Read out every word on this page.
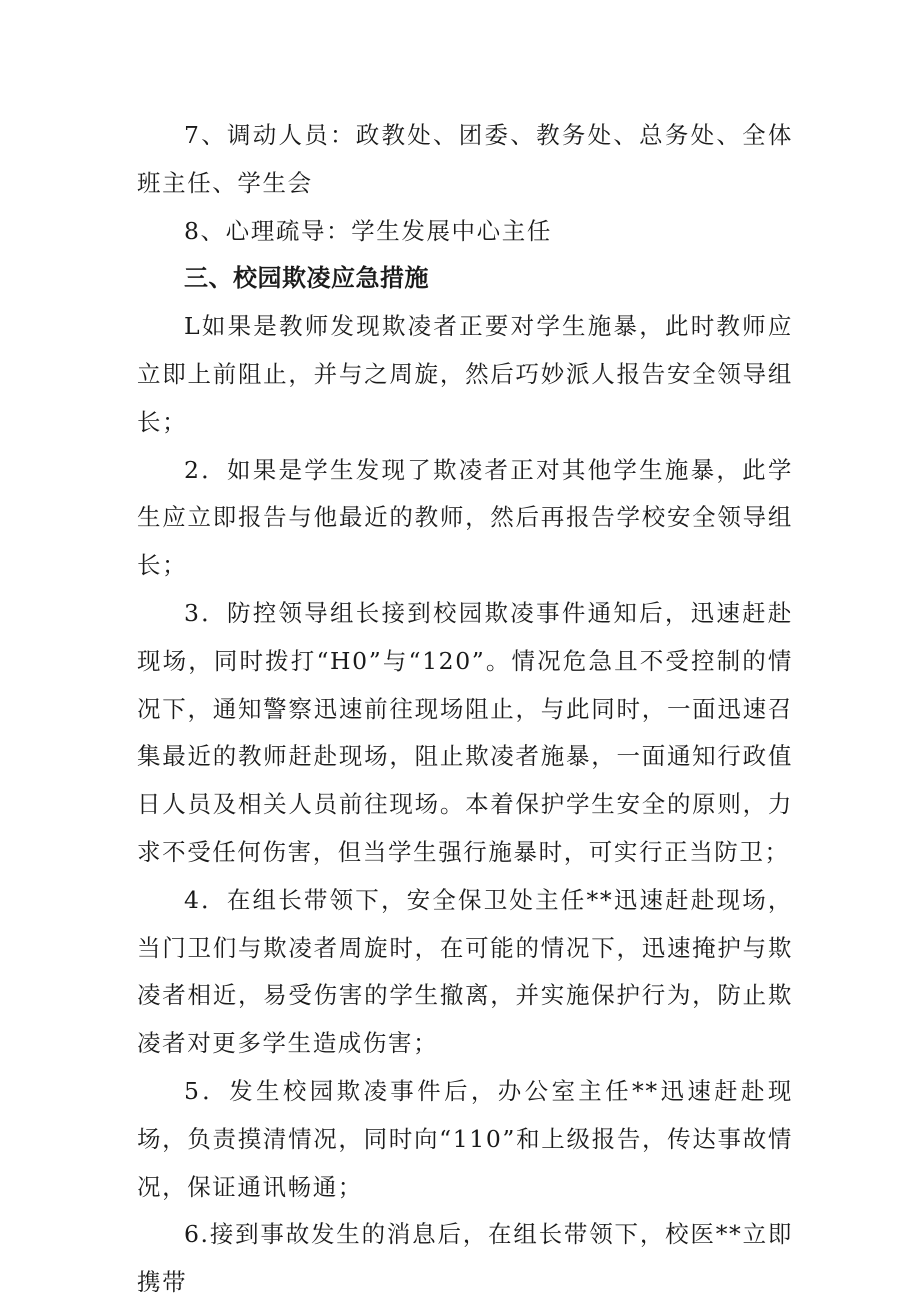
7、调动人员：政教处、团委、教务处、总务处、全体班主任、学生会

8、心理疏导：学生发展中心主任

三、校园欺凌应急措施

L如果是教师发现欺凌者正要对学生施暴，此时教师应立即上前阻止，并与之周旋，然后巧妙派人报告安全领导组长；

2．如果是学生发现了欺凌者正对其他学生施暴，此学生应立即报告与他最近的教师，然后再报告学校安全领导组长；

3．防控领导组长接到校园欺凌事件通知后，迅速赶赴现场，同时拨打“H0”与“120”。情况危急且不受控制的情况下，通知警察迅速前往现场阻止，与此同时，一面迅速召集最近的教师赶赴现场，阻止欺凌者施暴，一面通知行政值日人员及相关人员前往现场。本着保护学生安全的原则，力求不受任何伤害，但当学生强行施暴时，可实行正当防卫；

4．在组长带领下，安全保卫处主任**迅速赶赴现场，当门卫们与欺凌者周旋时，在可能的情况下，迅速掩护与欺凌者相近，易受伤害的学生撤离，并实施保护行为，防止欺凌者对更多学生造成伤害；

5．发生校园欺凌事件后，办公室主任**迅速赶赴现场，负责摸清情况，同时向“110”和上级报告，传达事故情况，保证通讯畅通；

6.接到事故发生的消息后，在组长带领下，校医**立即携带
